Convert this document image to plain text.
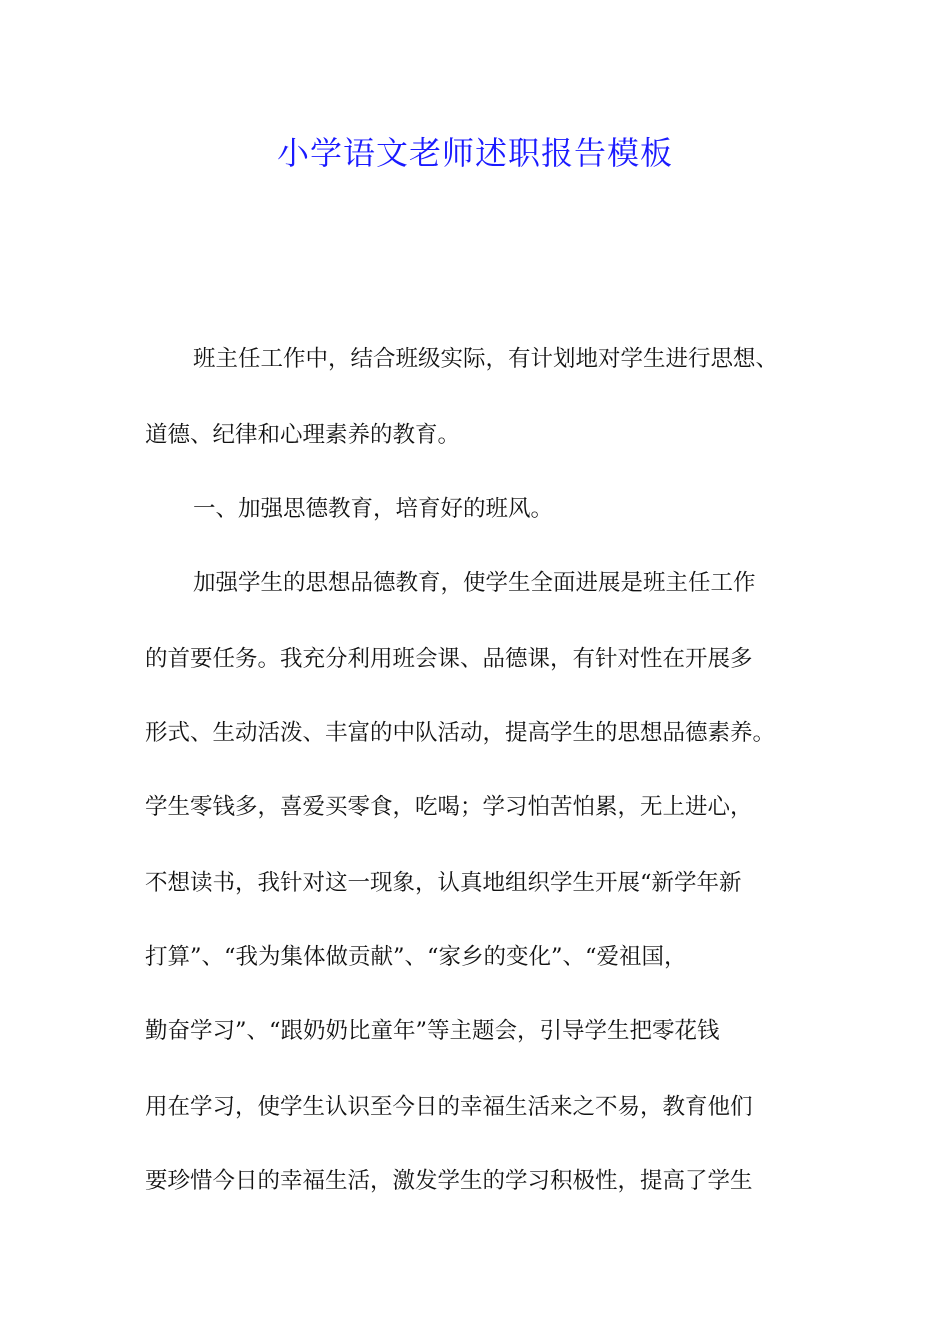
小学语文老师述职报告模板

班主任工作中，结合班级实际，有计划地对学生进行思想、

道德、纪律和心理素养的教育。

一、加强思德教育，培育好的班风。

加强学生的思想品德教育，使学生全面进展是班主任工作

的首要任务。我充分利用班会课、品德课，有针对性在开展多

形式、生动活泼、丰富的中队活动，提高学生的思想品德素养。

学生零钱多，喜爱买零食，吃喝；学习怕苦怕累，无上进心，

不想读书，我针对这一现象，认真地组织学生开展“新学年新

打算”、“我为集体做贡献”、“家乡的变化”、“爱祖国，

勤奋学习”、“跟奶奶比童年”等主题会，引导学生把零花钱

用在学习，使学生认识至今日的幸福生活来之不易，教育他们

要珍惜今日的幸福生活，激发学生的学习积极性，提高了学生
